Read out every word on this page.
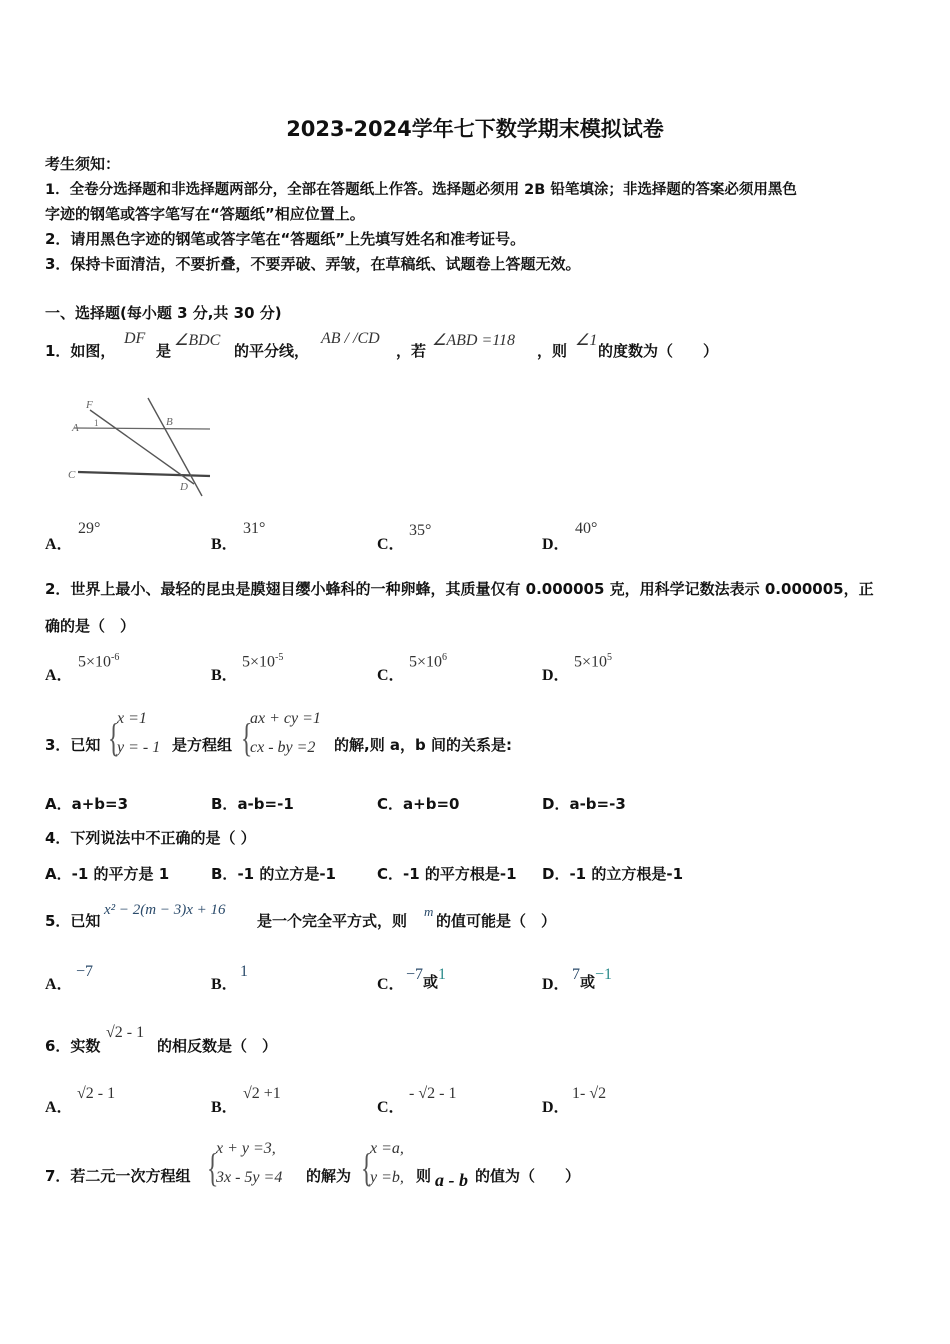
2023-2024学年七下数学期末模拟试卷
考生须知：
1．全卷分选择题和非选择题两部分，全部在答题纸上作答。选择题必须用 2B 铅笔填涂；非选择题的答案必须用黑色
字迹的钢笔或答字笔写在“答题纸”相应位置上。
2．请用黑色字迹的钢笔或答字笔在“答题纸”上先填写姓名和准考证号。
3．保持卡面清洁，不要折叠，不要弄破、弄皱，在草稿纸、试题卷上答题无效。
一、选择题(每小题 3 分,共 30 分)
1．如图，
DF
是
∠BDC
的平分线，
AB / /CD
，若
∠ABD =118
，则
∠1
的度数为（　　）
F
A 1	B
C
D
A．
29°
B．
31°
C．
35°
D．
40°
2．世界上最小、最轻的昆虫是膜翅目缨小蜂科的一种卵蜂，其质量仅有 0.000005 克，用科学记数法表示 0.000005，正
确的是（　）
A．
$5\times 10^{-6}$
B．
$5\times 10^{-5}$
C．
$5\times 10^6$
D．
$5\times 10^5$
3．已知 {
x =1
y = - 1 是方程组 {
ax + cy =1
cx - by =2 的解,则 a，b 间的关系是:
A．a+b=3	B．a-b=-1	C．a+b=0	D．a-b=-3
4．下列说法中不正确的是（ ）
A．-1 的平方是 1	B．-1 的立方是-1	C．-1 的平方根是-1 D．-1 的立方根是-1
5．已知
x² − 2(m − 3)x + 16
是一个完全平方式，则
m
的值可能是（　）
A．
−7
B．
1
C．
−7或1
D．
7或−1
6．实数
√2 - 1
的相反数是（　）
A．
√2 - 1
B．
√2 +1
C．
- √2 - 1
D．
1- √2
7．若二元一次方程组 {
x + y =3,
3x - 5y =4 的解为 {
x =a,
y =b, 则 a - b 的值为（　　）
